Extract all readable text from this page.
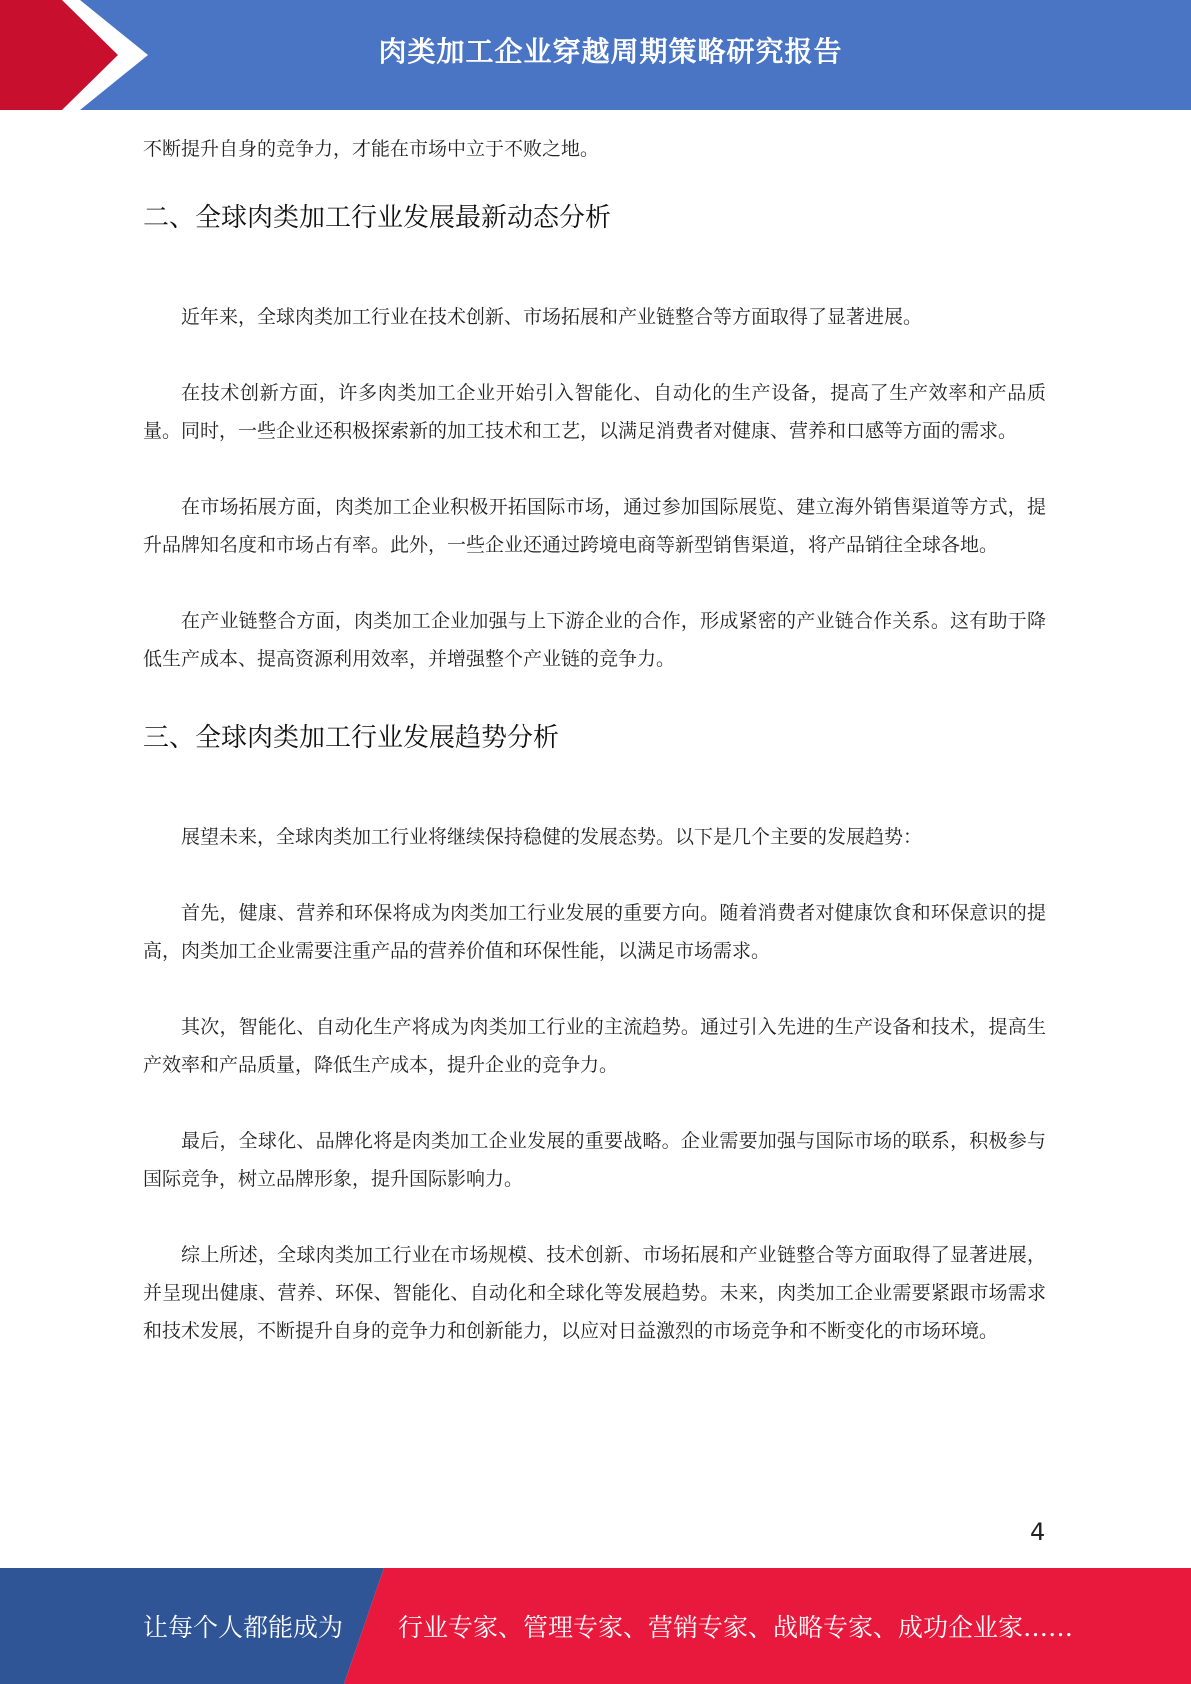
肉类加工企业穿越周期策略研究报告

不断提升自身的竞争力，才能在市场中立于不败之地。

二、全球肉类加工行业发展最新动态分析

近年来，全球肉类加工行业在技术创新、市场拓展和产业链整合等方面取得了显著进展。

在技术创新方面，许多肉类加工企业开始引入智能化、自动化的生产设备，提高了生产效率和产品质量。同时，一些企业还积极探索新的加工技术和工艺，以满足消费者对健康、营养和口感等方面的需求。

在市场拓展方面，肉类加工企业积极开拓国际市场，通过参加国际展览、建立海外销售渠道等方式，提升品牌知名度和市场占有率。此外，一些企业还通过跨境电商等新型销售渠道，将产品销往全球各地。

在产业链整合方面，肉类加工企业加强与上下游企业的合作，形成紧密的产业链合作关系。这有助于降低生产成本、提高资源利用效率，并增强整个产业链的竞争力。

三、全球肉类加工行业发展趋势分析

展望未来，全球肉类加工行业将继续保持稳健的发展态势。以下是几个主要的发展趋势：

首先，健康、营养和环保将成为肉类加工行业发展的重要方向。随着消费者对健康饮食和环保意识的提高，肉类加工企业需要注重产品的营养价值和环保性能，以满足市场需求。

其次，智能化、自动化生产将成为肉类加工行业的主流趋势。通过引入先进的生产设备和技术，提高生产效率和产品质量，降低生产成本，提升企业的竞争力。

最后，全球化、品牌化将是肉类加工企业发展的重要战略。企业需要加强与国际市场的联系，积极参与国际竞争，树立品牌形象，提升国际影响力。

综上所述，全球肉类加工行业在市场规模、技术创新、市场拓展和产业链整合等方面取得了显著进展，并呈现出健康、营养、环保、智能化、自动化和全球化等发展趋势。未来，肉类加工企业需要紧跟市场需求和技术发展，不断提升自身的竞争力和创新能力，以应对日益激烈的市场竞争和不断变化的市场环境。

4
让每个人都能成为 行业专家、管理专家、营销专家、战略专家、成功企业家……
